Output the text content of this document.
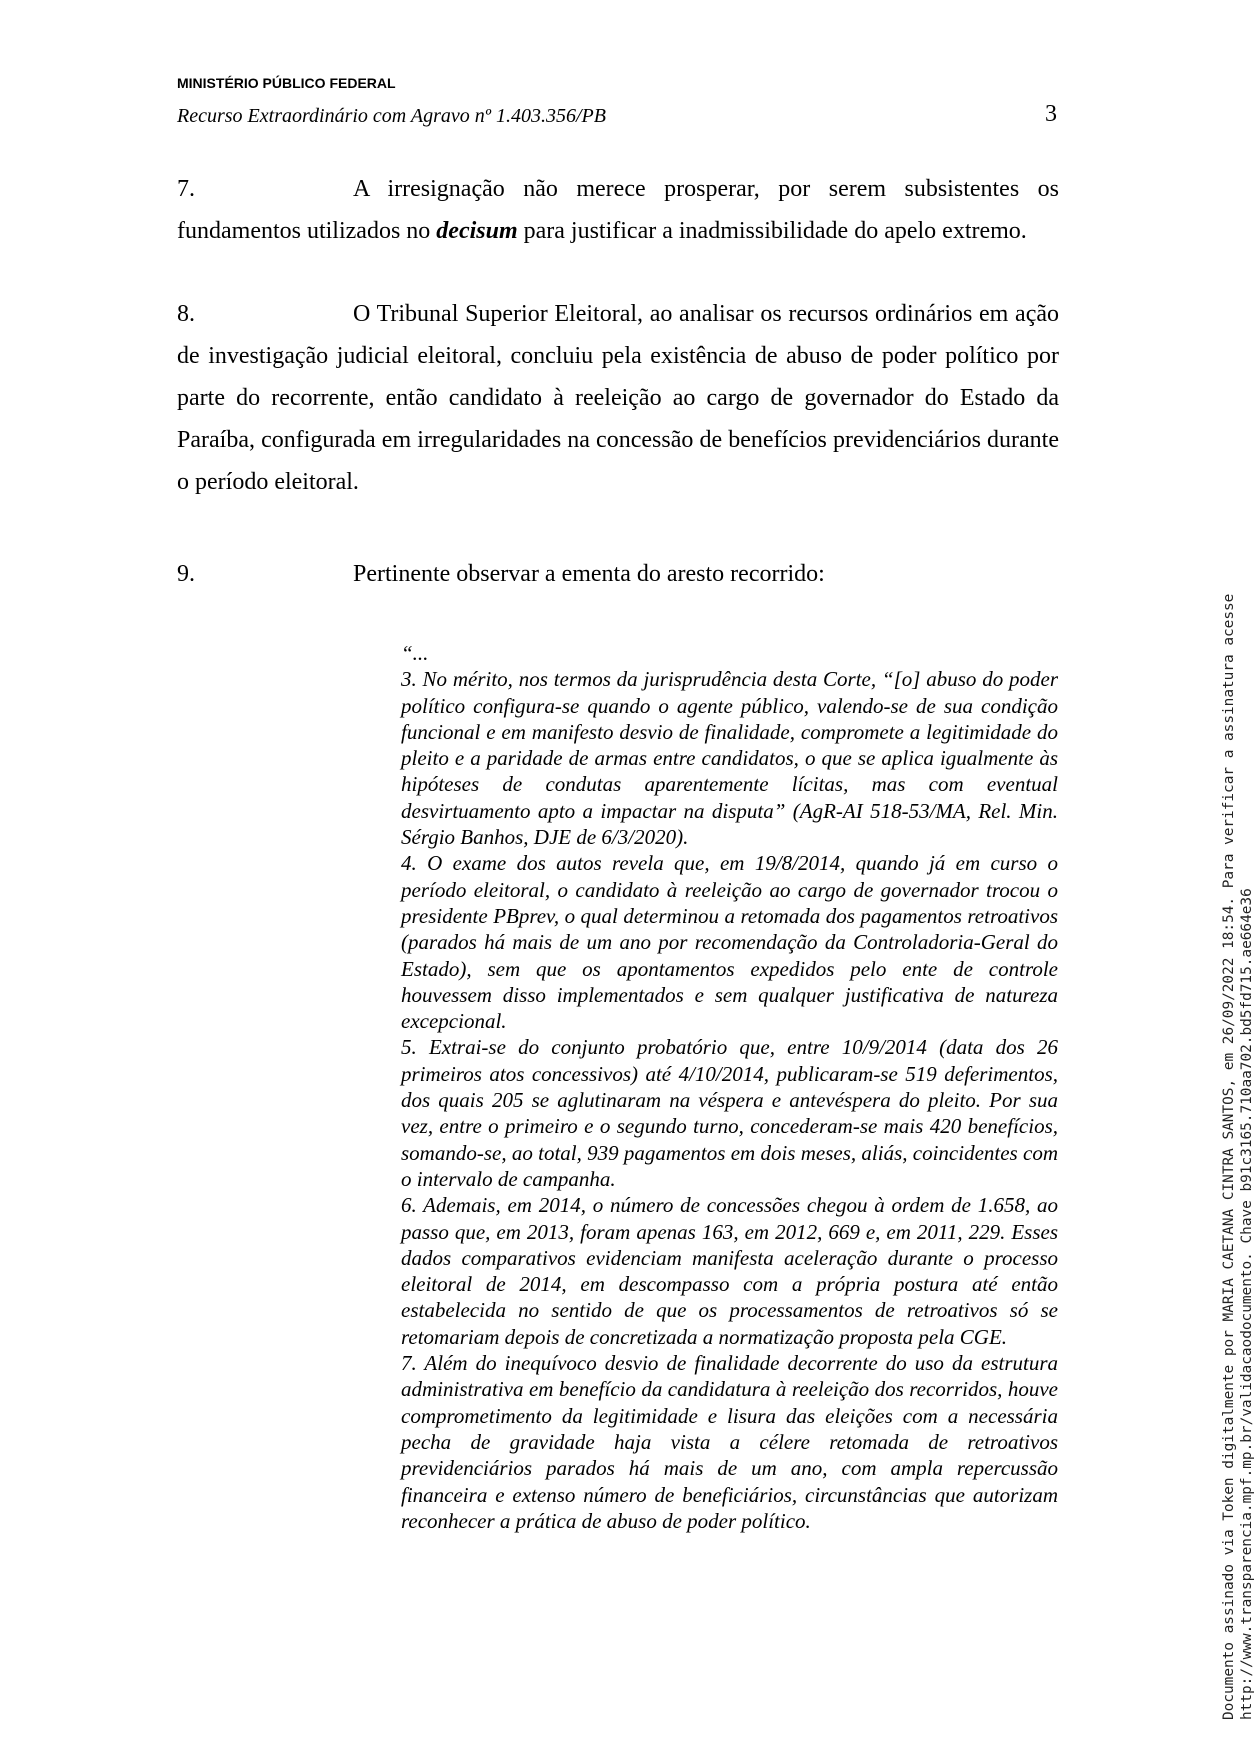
MINISTÉRIO PÚBLICO FEDERAL
Recurso Extraordinário com Agravo nº 1.403.356/PB	3
7.	A irresignação não merece prosperar, por serem subsistentes os fundamentos utilizados no decisum para justificar a inadmissibilidade do apelo extremo.
8.	O Tribunal Superior Eleitoral, ao analisar os recursos ordinários em ação de investigação judicial eleitoral, concluiu pela existência de abuso de poder político por parte do recorrente, então candidato à reeleição ao cargo de governador do Estado da Paraíba, configurada em irregularidades na concessão de benefícios previdenciários durante o período eleitoral.
9.	Pertinente observar a ementa do aresto recorrido:

“...

3. No mérito, nos termos da jurisprudência desta Corte, “[o] abuso do poder político configura-se quando o agente público, valendo-se de sua condição funcional e em manifesto desvio de finalidade, compromete a legitimidade do pleito e a paridade de armas entre candidatos, o que se aplica igualmente às hipóteses de condutas aparentemente lícitas, mas com eventual desvirtuamento apto a impactar na disputa” (AgR-AI 518-53/MA, Rel. Min. Sérgio Banhos, DJE de 6/3/2020).

4. O exame dos autos revela que, em 19/8/2014, quando já em curso o período eleitoral, o candidato à reeleição ao cargo de governador trocou o presidente PBprev, o qual determinou a retomada dos pagamentos retroativos (parados há mais de um ano por recomendação da Controladoria-Geral do Estado), sem que os apontamentos expedidos pelo ente de controle houvessem disso implementados e sem qualquer justificativa de natureza excepcional.

5. Extrai-se do conjunto probatório que, entre 10/9/2014 (data dos 26 primeiros atos concessivos) até 4/10/2014, publicaram-se 519 deferimentos, dos quais 205 se aglutinaram na véspera e antevéspera do pleito. Por sua vez, entre o primeiro e o segundo turno, concederam-se mais 420 benefícios, somando-se, ao total, 939 pagamentos em dois meses, aliás, coincidentes com o intervalo de campanha.

6. Ademais, em 2014, o número de concessões chegou à ordem de 1.658, ao passo que, em 2013, foram apenas 163, em 2012, 669 e, em 2011, 229. Esses dados comparativos evidenciam manifesta aceleração durante o processo eleitoral de 2014, em descompasso com a própria postura até então estabelecida no sentido de que os processamentos de retroativos só se retomariam depois de concretizada a normatização proposta pela CGE.

7. Além do inequívoco desvio de finalidade decorrente do uso da estrutura administrativa em benefício da candidatura à reeleição dos recorridos, houve comprometimento da legitimidade e lisura das eleições com a necessária pecha de gravidade haja vista a célere retomada de retroativos previdenciários parados há mais de um ano, com ampla repercussão financeira e extenso número de beneficiários, circunstâncias que autorizam reconhecer a prática de abuso de poder político.	Documento assinado via Token digitalmente por MARIA CAETANA CINTRA SANTOS, em 26/09/2022 18:54. Para verificar a assinatura acesse http://www.transparencia.mpf.mp.br/validacaodocumento. Chave b91c3165.710aa702.bd5fd715.ae664e36
